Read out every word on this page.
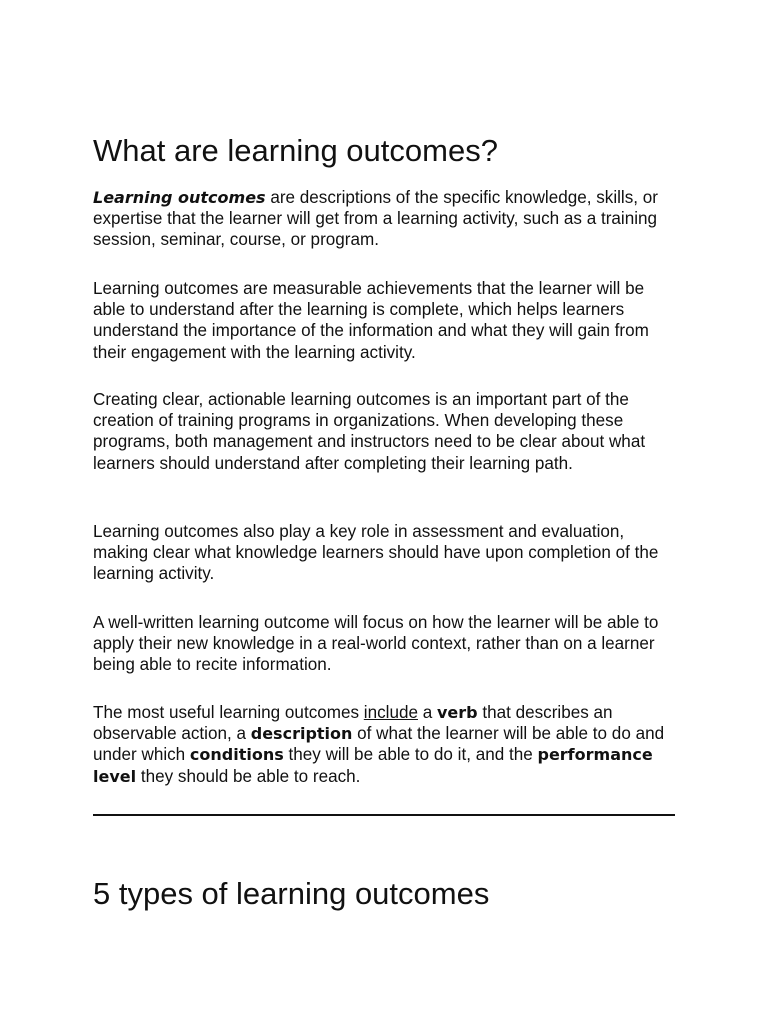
What are learning outcomes?

Learning outcomes are descriptions of the specific knowledge, skills, or expertise that the learner will get from a learning activity, such as a training session, seminar, course, or program.

Learning outcomes are measurable achievements that the learner will be able to understand after the learning is complete, which helps learners understand the importance of the information and what they will gain from their engagement with the learning activity.

Creating clear, actionable learning outcomes is an important part of the creation of training programs in organizations. When developing these programs, both management and instructors need to be clear about what learners should understand after completing their learning path.

Learning outcomes also play a key role in assessment and evaluation, making clear what knowledge learners should have upon completion of the learning activity.

A well-written learning outcome will focus on how the learner will be able to apply their new knowledge in a real-world context, rather than on a learner being able to recite information.

The most useful learning outcomes include a verb that describes an observable action, a description of what the learner will be able to do and under which conditions they will be able to do it, and the performance level they should be able to reach.

5 types of learning outcomes
